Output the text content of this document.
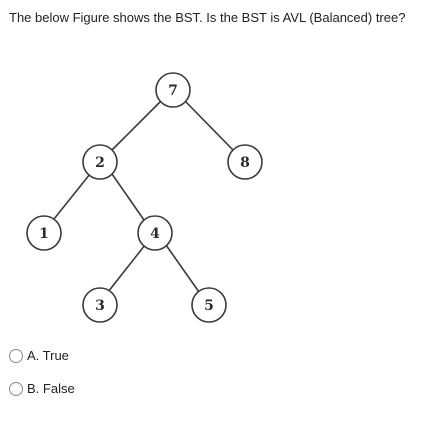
The below Figure shows the BST. Is the BST is AVL (Balanced) tree?
7
2	8
1	4
3	5
A. True
B. False
